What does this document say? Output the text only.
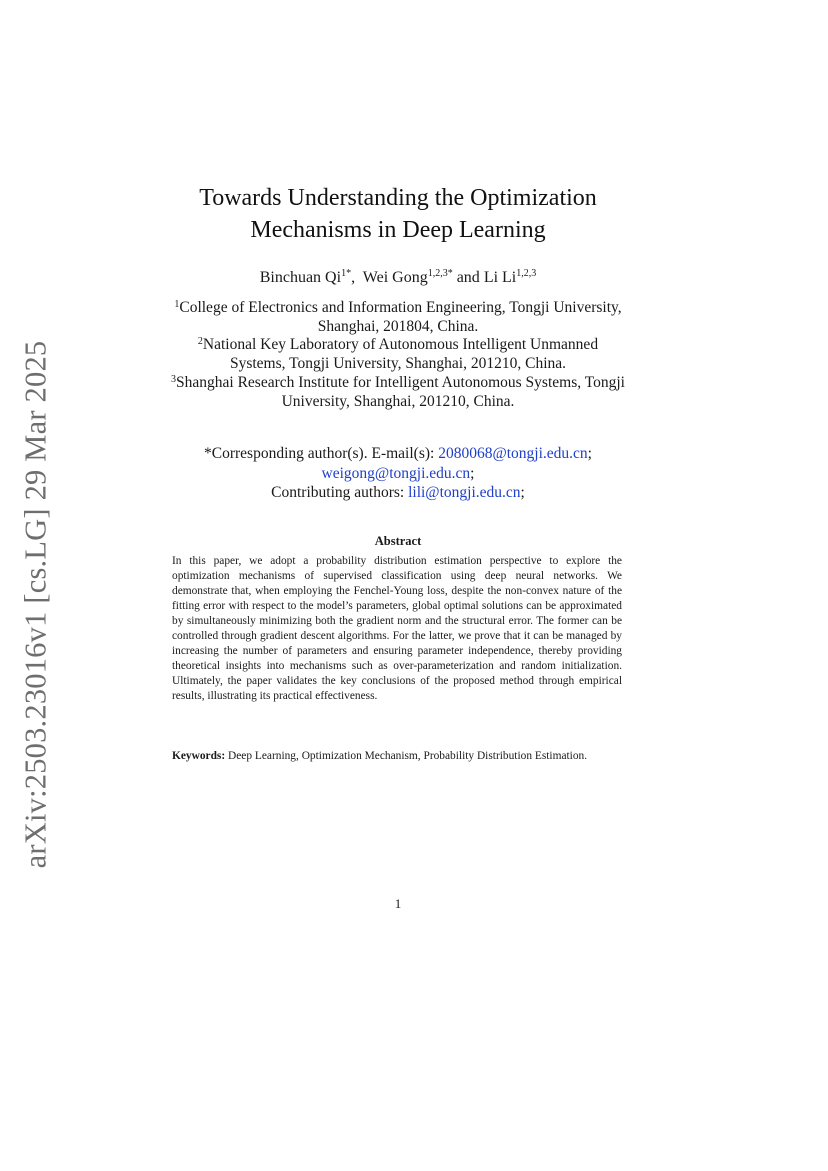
arXiv:2503.23016v1 [cs.LG] 29 Mar 2025
Towards Understanding the Optimization
Mechanisms in Deep Learning
Binchuan $Qi^{1*}$,  Wei Gong$^{1,2,3*}$ and Li Li$^{1,2,3}$
$^1$College of Electronics and Information Engineering, Tongji University,
Shanghai, 201804, China.
$^2$National Key Laboratory of Autonomous Intelligent Unmanned
Systems, Tongji University, Shanghai, 201210, China.
$^3$Shanghai Research Institute for Intelligent Autonomous Systems, Tongji
University, Shanghai, 201210, China.
*Corresponding author(s). E-mail(s): 2080068@tongji.edu.cn;
weigong@tongji.edu.cn;
Contributing authors: lili@tongji.edu.cn;
Abstract

In this paper, we adopt a probability distribution estimation perspective to explore the optimization mechanisms of supervised classification using deep neural networks. We demonstrate that, when employing the Fenchel-Young loss, despite the non-convex nature of the fitting error with respect to the model’s parameters, global optimal solutions can be approximated by simultaneously minimizing both the gradient norm and the structural error. The former can be controlled through gradient descent algorithms. For the latter, we prove that it can be managed by increasing the number of parameters and ensuring parameter independence, thereby providing theoretical insights into mechanisms such as over-parameterization and random initialization. Ultimately, the paper validates the key conclusions of the proposed method through empirical results, illustrating its practical effectiveness.

Keywords: Deep Learning, Optimization Mechanism, Probability Distribution Estimation.
1
